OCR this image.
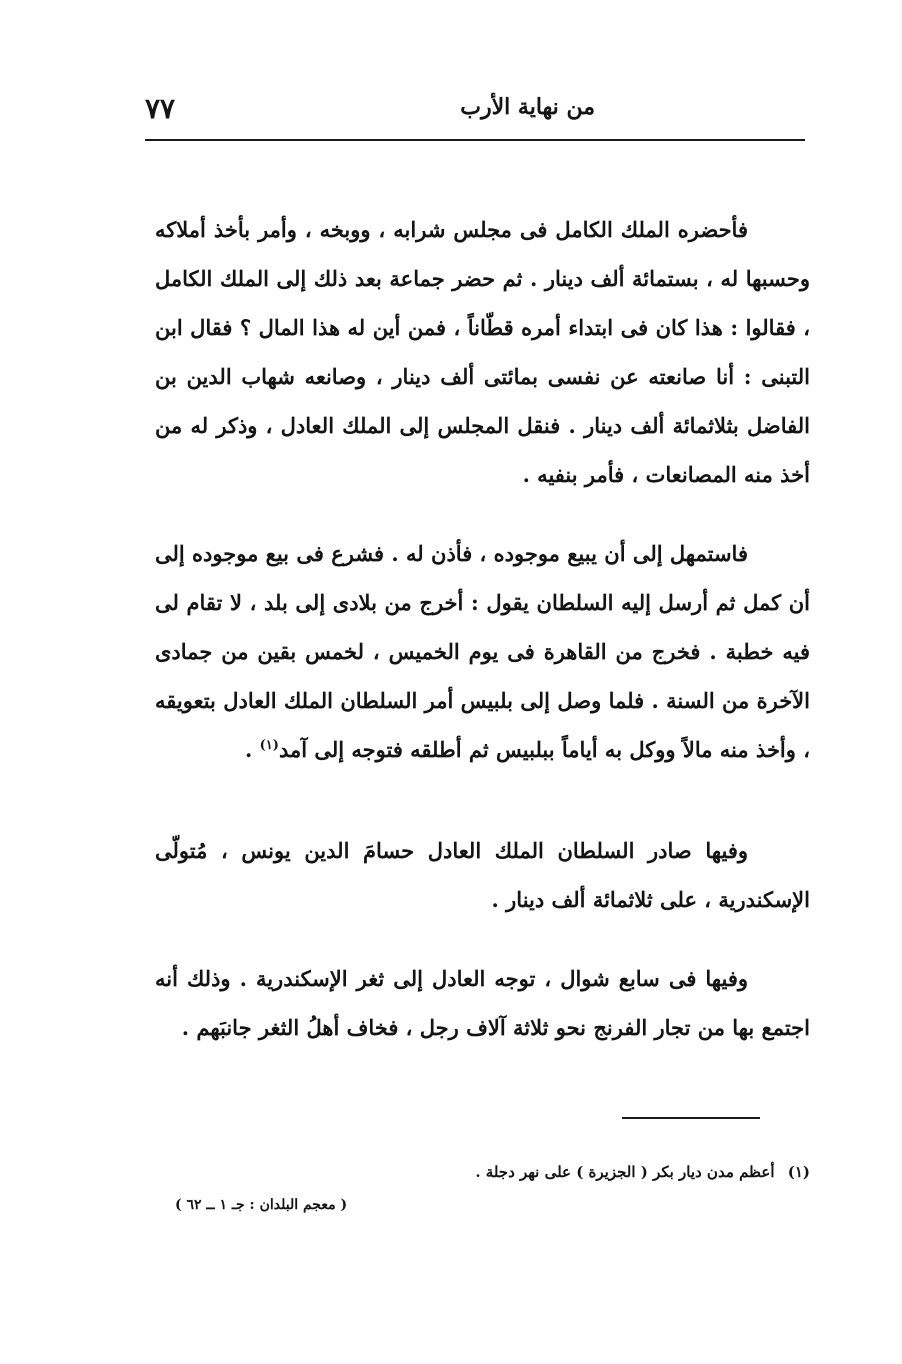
من نهاية الأرب
٧٧

فأحضره الملك الكامل فى مجلس شرابه ، ووبخه ، وأمر بأخذ أملاكه وحسبها له ، بستمائة ألف دينار . ثم حضر جماعة بعد ذلك إلى الملك الكامل ، فقالوا : هذا كان فى ابتداء أمره قطّاناً ، فمن أين له هذا المال ؟ فقال ابن التبنى : أنا صانعته عن نفسى بمائتى ألف دينار ، وصانعه شهاب الدين بن الفاضل بثلاثمائة ألف دينار . فنقل المجلس إلى الملك العادل ، وذكر له من أخذ منه المصانعات ، فأمر بنفيه .

فاستمهل إلى أن يبيع موجوده ، فأذن له . فشرع فى بيع موجوده إلى أن كمل ثم أرسل إليه السلطان يقول : أخرج من بلادى إلى بلد ، لا تقام لى فيه خطبة . فخرج من القاهرة فى يوم الخميس ، لخمس بقين من جمادى الآخرة من السنة . فلما وصل إلى بلبيس أمر السلطان الملك العادل بتعويقه ، وأخذ منه مالاً ووكل به أياماً ببلبيس ثم أطلقه فتوجه إلى آمد$^{(١)}$ .

وفيها صادر السلطان الملك العادل حسامَ الدين يونس ، مُتولّى الإسكندرية ، على ثلاثمائة ألف دينار .

وفيها فى سابع شوال ، توجه العادل إلى ثغر الإسكندرية . وذلك أنه اجتمع بها من تجار الفرنج نحو ثلاثة آلاف رجل ، فخاف أهلُ الثغر جانبَهم .

(١) أعظم مدن ديار بكر ( الجزيرة ) على نهر دجلة .
( معجم البلدان : جـ ١ ــ ٦٢ )
